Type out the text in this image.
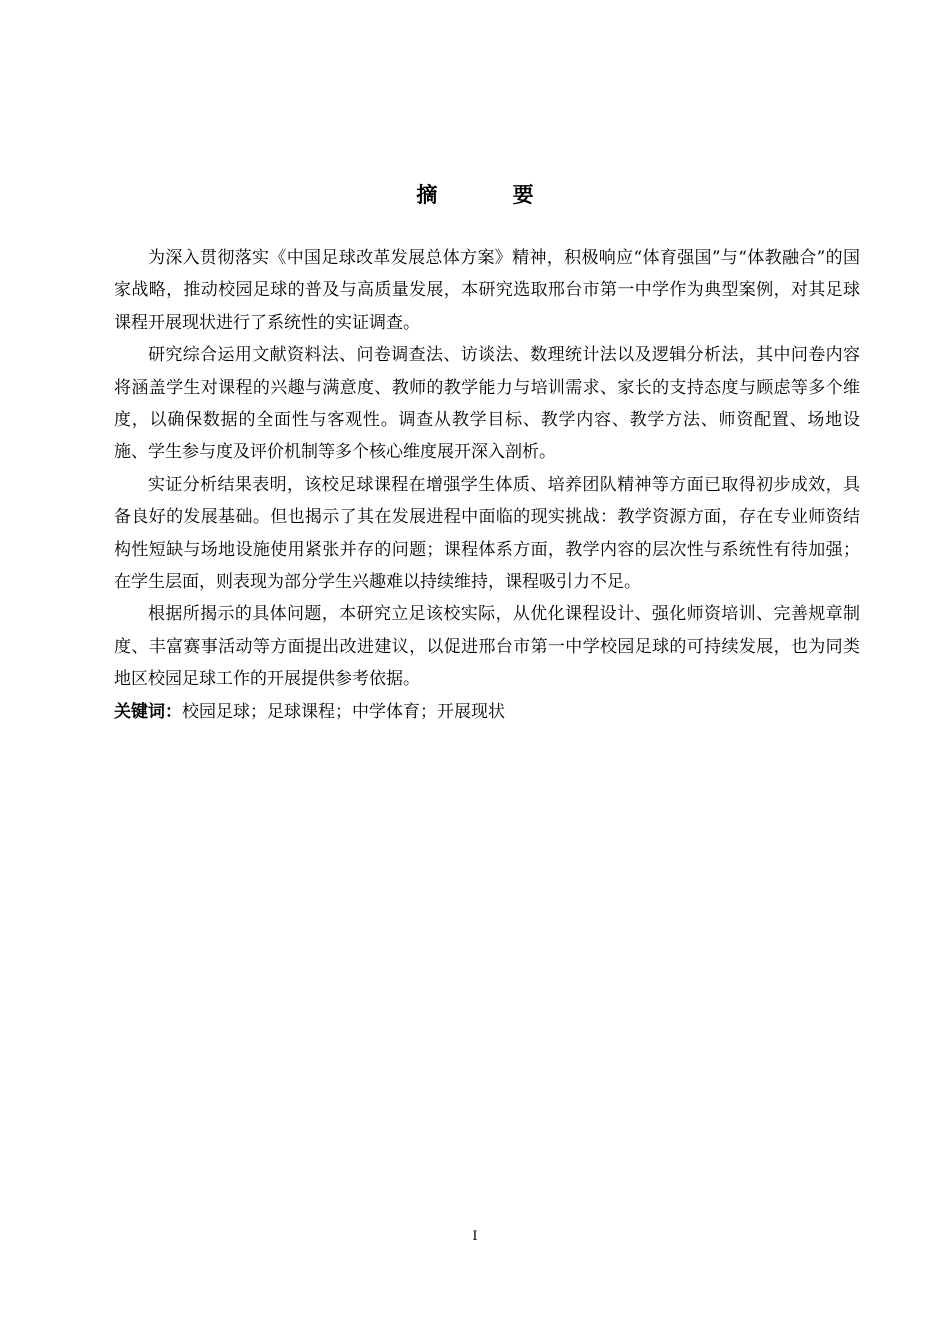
摘 要

为深入贯彻落实《中国足球改革发展总体方案》精神，积极响应“体育强国”与“体教融合”的国家战略，推动校园足球的普及与高质量发展，本研究选取邢台市第一中学作为典型案例，对其足球课程开展现状进行了系统性的实证调查。

研究综合运用文献资料法、问卷调查法、访谈法、数理统计法以及逻辑分析法，其中问卷内容将涵盖学生对课程的兴趣与满意度、教师的教学能力与培训需求、家长的支持态度与顾虑等多个维度，以确保数据的全面性与客观性。调查从教学目标、教学内容、教学方法、师资配置、场地设施、学生参与度及评价机制等多个核心维度展开深入剖析。

实证分析结果表明，该校足球课程在增强学生体质、培养团队精神等方面已取得初步成效，具备良好的发展基础。但也揭示了其在发展进程中面临的现实挑战：教学资源方面，存在专业师资结构性短缺与场地设施使用紧张并存的问题；课程体系方面，教学内容的层次性与系统性有待加强；在学生层面，则表现为部分学生兴趣难以持续维持，课程吸引力不足。

根据所揭示的具体问题，本研究立足该校实际，从优化课程设计、强化师资培训、完善规章制度、丰富赛事活动等方面提出改进建议，以促进邢台市第一中学校园足球的可持续发展，也为同类地区校园足球工作的开展提供参考依据。

关键词：校园足球；足球课程；中学体育；开展现状

I
